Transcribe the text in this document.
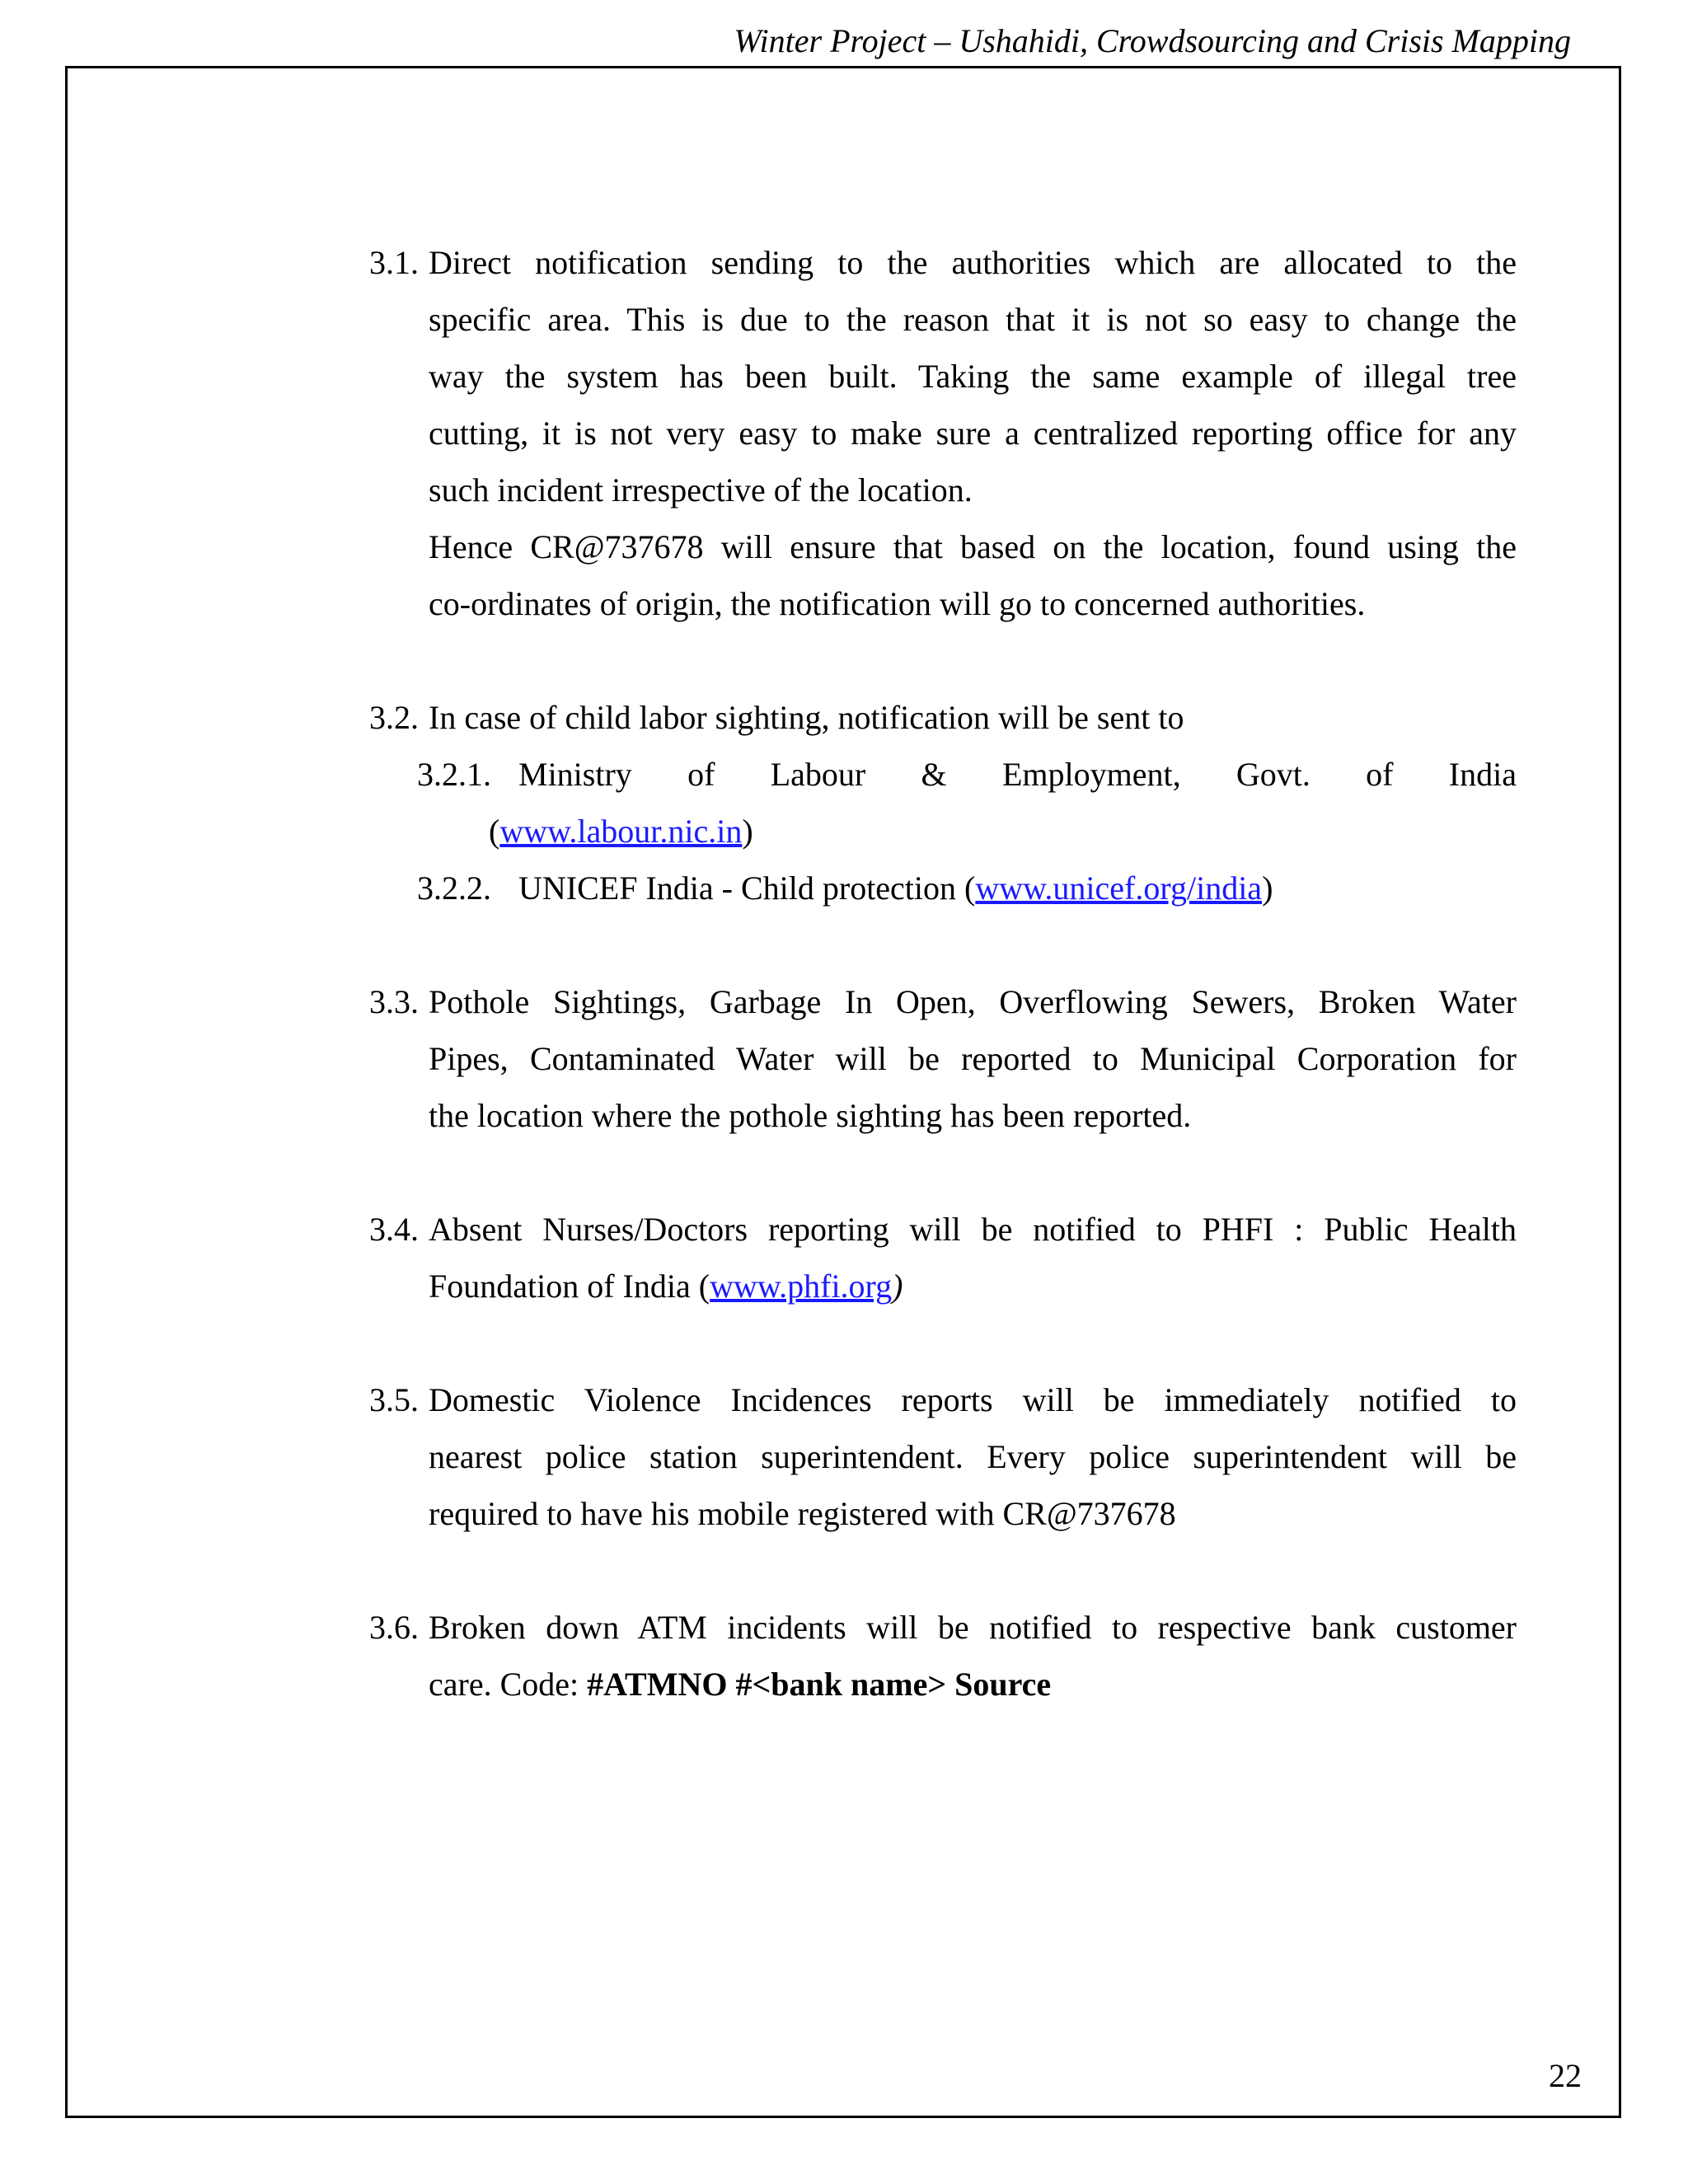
Winter Project – Ushahidi, Crowdsourcing and Crisis Mapping
3.1. Direct notification sending to the authorities which are allocated to the
specific area. This is due to the reason that it is not so easy to change the
way the system has been built. Taking the same example of illegal tree
cutting, it is not very easy to make sure a centralized reporting office for any
such incident irrespective of the location.
Hence CR@737678 will ensure that based on the location, found using the
co-ordinates of origin, the notification will go to concerned authorities.
3.2. In case of child labor sighting, notification will be sent to
3.2.1. Ministry of Labour & Employment, Govt. of India
(www.labour.nic.in)
3.2.2. UNICEF India - Child protection (www.unicef.org/india)
3.3. Pothole Sightings, Garbage In Open, Overflowing Sewers, Broken Water
Pipes, Contaminated Water will be reported to Municipal Corporation for
the location where the pothole sighting has been reported.
3.4. Absent Nurses/Doctors reporting will be notified to PHFI : Public Health
Foundation of India (www.phfi.org)
3.5. Domestic Violence Incidences reports will be immediately notified to
nearest police station superintendent. Every police superintendent will be
required to have his mobile registered with CR@737678
3.6. Broken down ATM incidents will be notified to respective bank customer
care. Code: #ATMNO #<bank name> Source
22
